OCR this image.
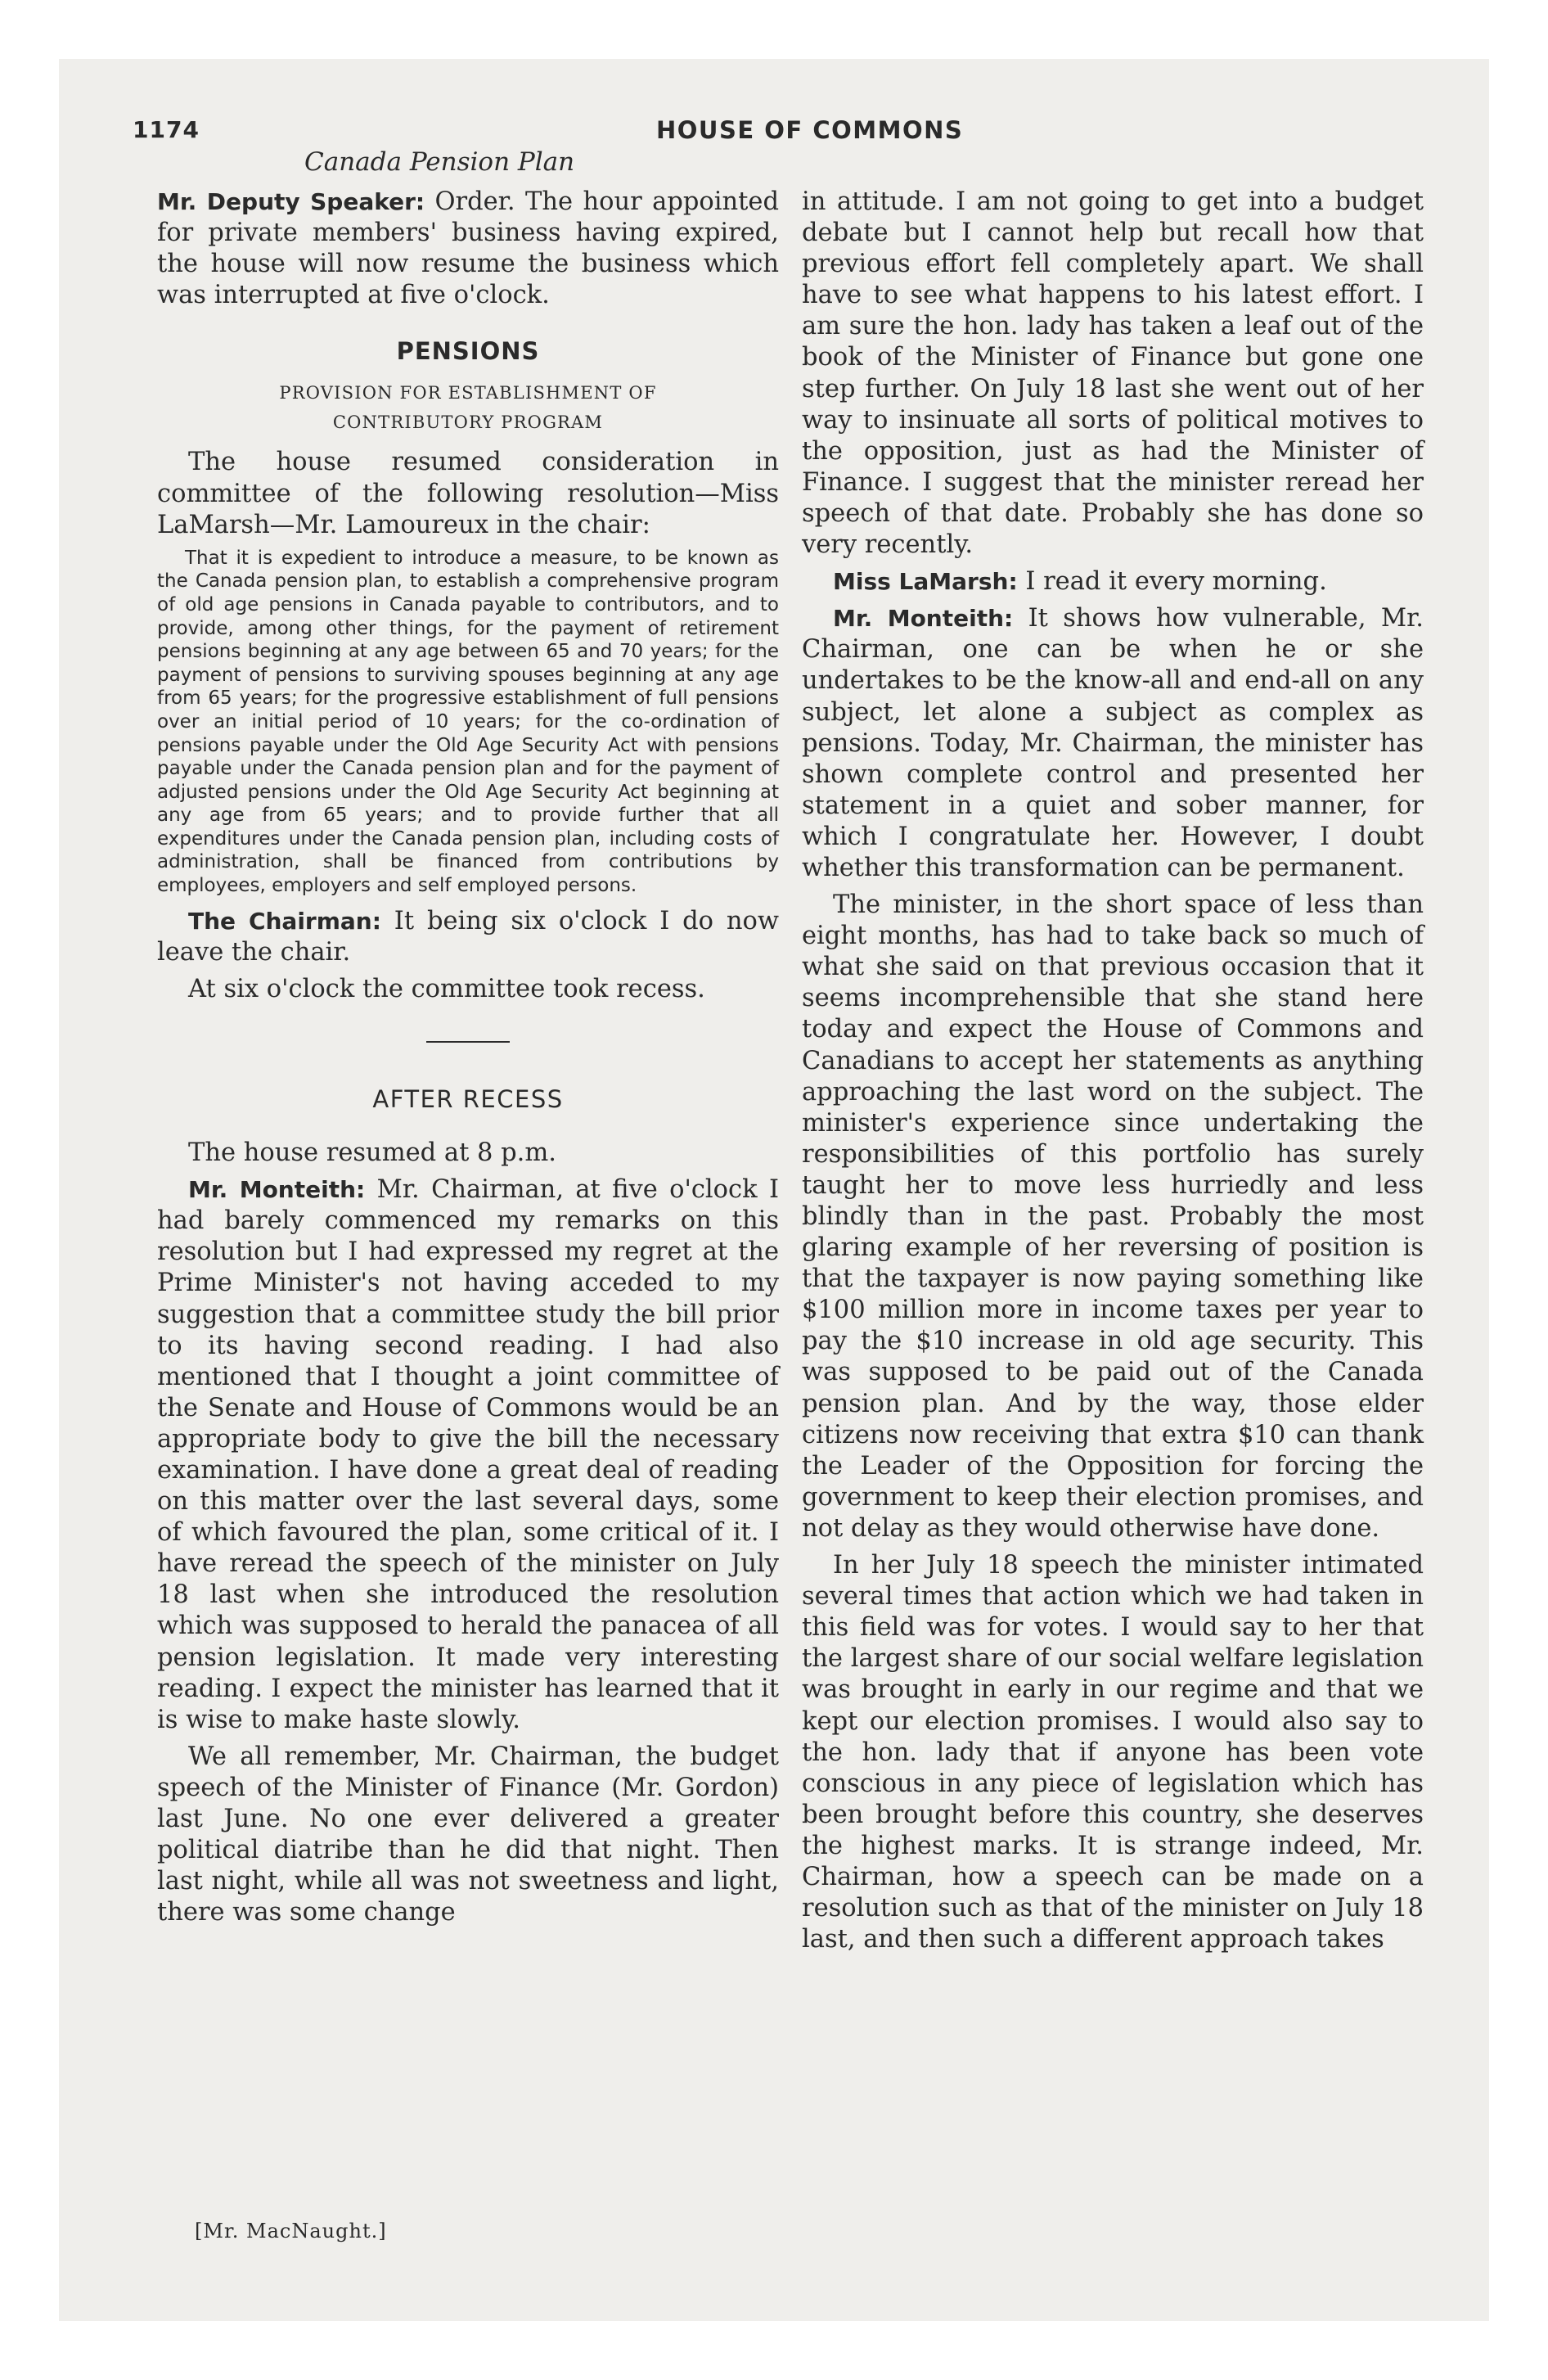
1174	HOUSE OF COMMONS
Canada Pension Plan

Mr. Deputy Speaker: Order. The hour appointed for private members' business having expired, the house will now resume the business which was interrupted at five o'clock.

PENSIONS
PROVISION FOR ESTABLISHMENT OF
CONTRIBUTORY PROGRAM

The house resumed consideration in committee of the following resolution—Miss LaMarsh—Mr. Lamoureux in the chair:

That it is expedient to introduce a measure, to be known as the Canada pension plan, to establish a comprehensive program of old age pensions in Canada payable to contributors, and to provide, among other things, for the payment of retirement pensions beginning at any age between 65 and 70 years; for the payment of pensions to surviving spouses beginning at any age from 65 years; for the progressive establishment of full pensions over an initial period of 10 years; for the co-ordination of pensions payable under the Old Age Security Act with pensions payable under the Canada pension plan and for the payment of adjusted pensions under the Old Age Security Act beginning at any age from 65 years; and to provide further that all expenditures under the Canada pension plan, including costs of administration, shall be financed from contributions by employees, employers and self employed persons.

The Chairman: It being six o'clock I do now leave the chair.

At six o'clock the committee took recess.

AFTER RECESS

The house resumed at 8 p.m.

Mr. Monteith: Mr. Chairman, at five o'clock I had barely commenced my remarks on this resolution but I had expressed my regret at the Prime Minister's not having acceded to my suggestion that a committee study the bill prior to its having second reading. I had also mentioned that I thought a joint committee of the Senate and House of Commons would be an appropriate body to give the bill the necessary examination. I have done a great deal of reading on this matter over the last several days, some of which favoured the plan, some critical of it. I have reread the speech of the minister on July 18 last when she introduced the resolution which was supposed to herald the panacea of all pension legislation. It made very interesting reading. I expect the minister has learned that it is wise to make haste slowly.

We all remember, Mr. Chairman, the budget speech of the Minister of Finance (Mr. Gordon) last June. No one ever delivered a greater political diatribe than he did that night. Then last night, while all was not sweetness and light, there was some change

in attitude. I am not going to get into a budget debate but I cannot help but recall how that previous effort fell completely apart. We shall have to see what happens to his latest effort. I am sure the hon. lady has taken a leaf out of the book of the Minister of Finance but gone one step further. On July 18 last she went out of her way to insinuate all sorts of political motives to the opposition, just as had the Minister of Finance. I suggest that the minister reread her speech of that date. Probably she has done so very recently.

Miss LaMarsh: I read it every morning.

Mr. Monteith: It shows how vulnerable, Mr. Chairman, one can be when he or she undertakes to be the know-all and end-all on any subject, let alone a subject as complex as pensions. Today, Mr. Chairman, the minister has shown complete control and presented her statement in a quiet and sober manner, for which I congratulate her. However, I doubt whether this transformation can be permanent.

The minister, in the short space of less than eight months, has had to take back so much of what she said on that previous occasion that it seems incomprehensible that she stand here today and expect the House of Commons and Canadians to accept her statements as anything approaching the last word on the subject. The minister's experience since undertaking the responsibilities of this portfolio has surely taught her to move less hurriedly and less blindly than in the past. Probably the most glaring example of her reversing of position is that the taxpayer is now paying something like $100 million more in income taxes per year to pay the $10 increase in old age security. This was supposed to be paid out of the Canada pension plan. And by the way, those elder citizens now receiving that extra $10 can thank the Leader of the Opposition for forcing the government to keep their election promises, and not delay as they would otherwise have done.

In her July 18 speech the minister intimated several times that action which we had taken in this field was for votes. I would say to her that the largest share of our social welfare legislation was brought in early in our regime and that we kept our election promises. I would also say to the hon. lady that if anyone has been vote conscious in any piece of legislation which has been brought before this country, she deserves the highest marks. It is strange indeed, Mr. Chairman, how a speech can be made on a resolution such as that of the minister on July 18 last, and then such a different approach takes

[Mr. MacNaught.]
